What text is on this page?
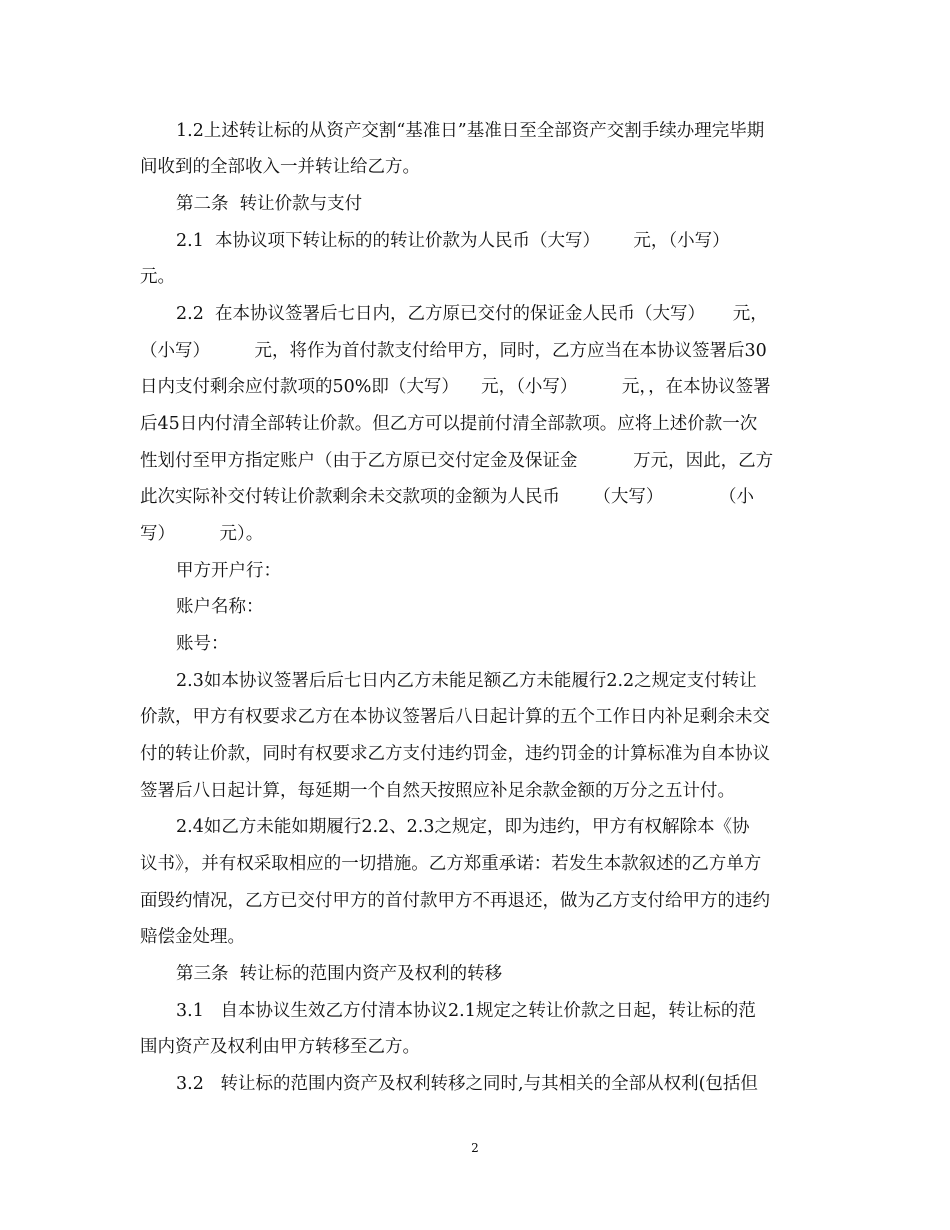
1.2上述转让标的从资产交割“基准日”基准日至全部资产交割手续办理完毕期
间收到的全部收入一并转让给乙方。
第二条  转让价款与支付
2.1  本协议项下转让标的的转让价款为人民币（大写）      元，（小写）
元。
2.2  在本协议签署后七日内，乙方原已交付的保证金人民币（大写）     元，
（小写）        元，将作为首付款支付给甲方，同时，乙方应当在本协议签署后30
日内支付剩余应付款项的50%即（大写）    元，（小写）        元，，在本协议签署
后45日内付清全部转让价款。但乙方可以提前付清全部款项。应将上述价款一次
性划付至甲方指定账户（由于乙方原已交付定金及保证金          万元，因此，乙方
此次实际补交付转让价款剩余未交款项的金额为人民币      （大写）          （小
写）        元）。
甲方开户行：
账户名称：
账号：
2.3如本协议签署后后七日内乙方未能足额乙方未能履行2.2之规定支付转让
价款，甲方有权要求乙方在本协议签署后八日起计算的五个工作日内补足剩余未交
付的转让价款，同时有权要求乙方支付违约罚金，违约罚金的计算标准为自本协议
签署后八日起计算，每延期一个自然天按照应补足余款金额的万分之五计付。
2.4如乙方未能如期履行2.2、2.3之规定，即为违约，甲方有权解除本《协
议书》，并有权采取相应的一切措施。乙方郑重承诺：若发生本款叙述的乙方单方
面毁约情况，乙方已交付甲方的首付款甲方不再退还，做为乙方支付给甲方的违约
赔偿金处理。
第三条  转让标的范围内资产及权利的转移
3.1   自本协议生效乙方付清本协议2.1规定之转让价款之日起，转让标的范
围内资产及权利由甲方转移至乙方。
3.2   转让标的范围内资产及权利转移之同时,与其相关的全部从权利(包括但
2
